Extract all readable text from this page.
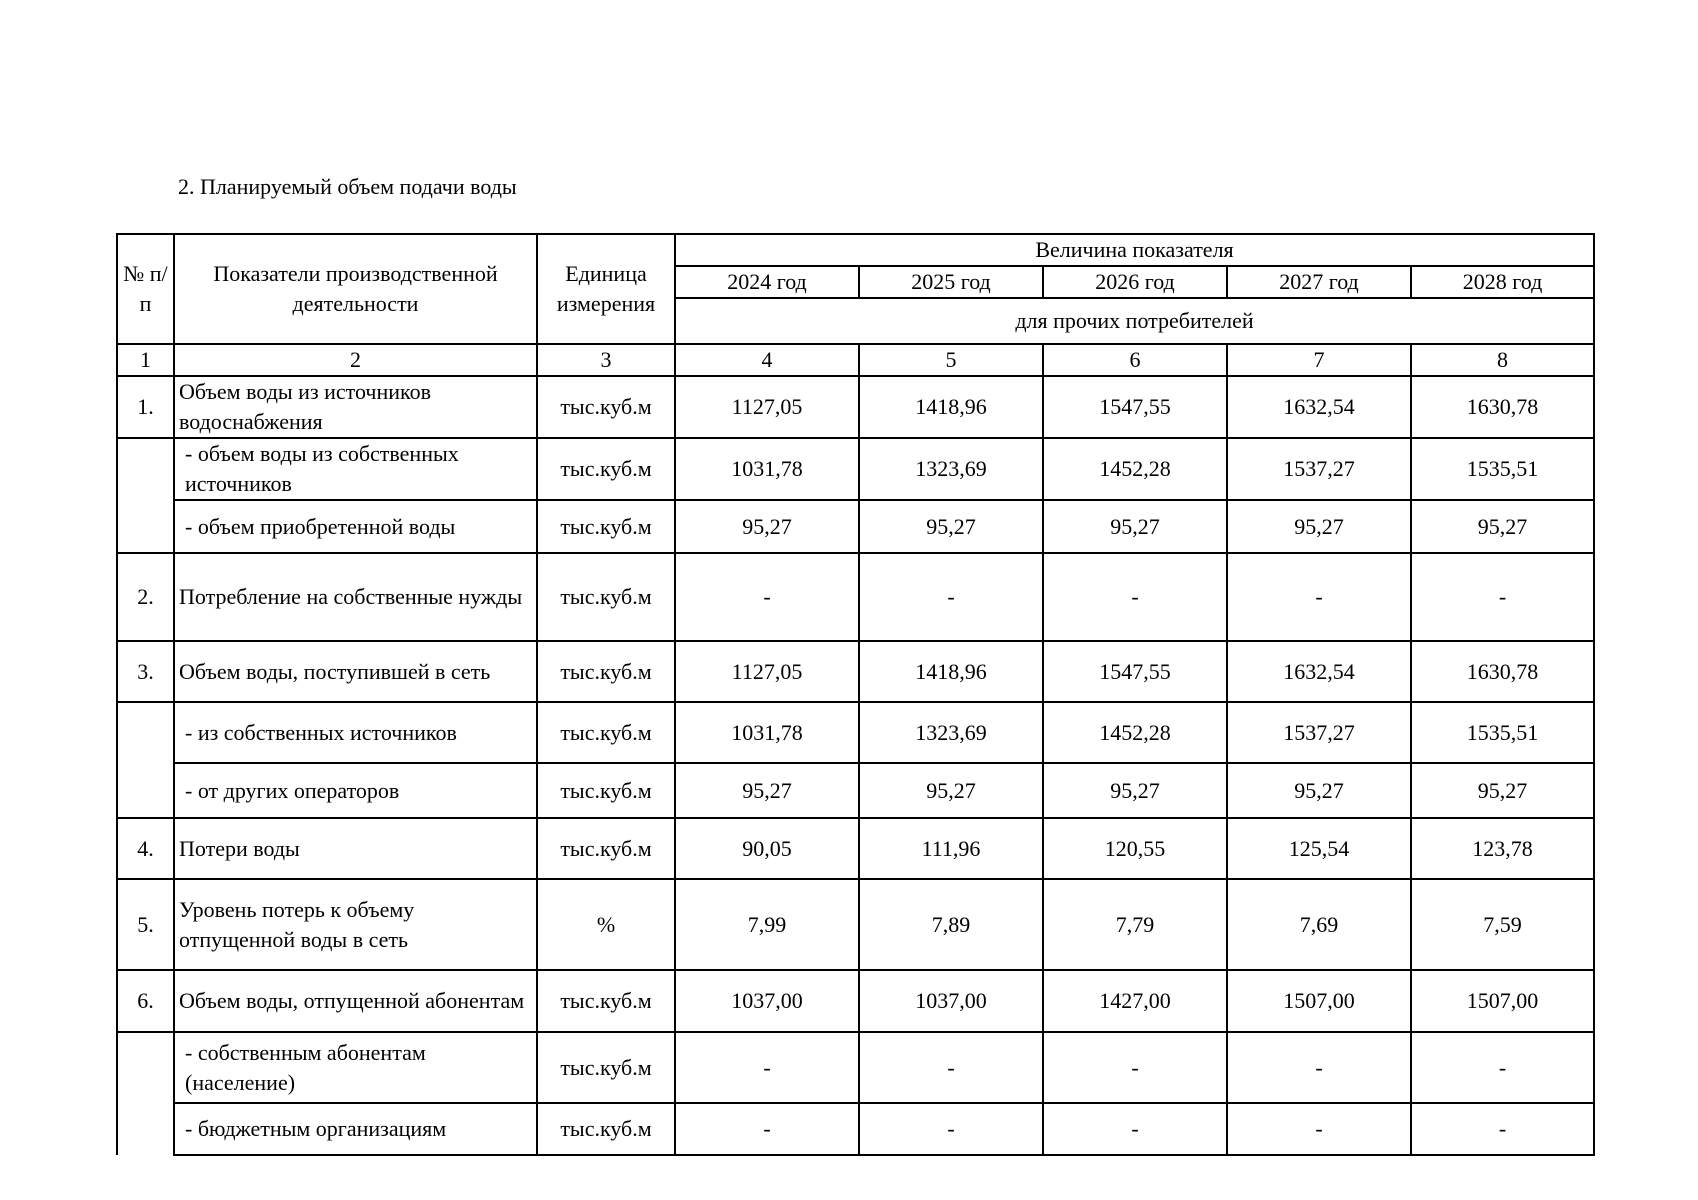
2. Планируемый объем подачи воды
№ п/п	Показатели производственной деятельности	Единица измерения	Величина показателя				
			2024 год	2025 год	2026 год	2027 год	2028 год
			для прочих потребителей				
1	2	3	4	5	6	7	8
1.	Объем воды из источников водоснабжения	тыс.куб.м	1127,05	1418,96	1547,55	1632,54	1630,78
	- объем воды из собственных источников	тыс.куб.м	1031,78	1323,69	1452,28	1537,27	1535,51
	- объем приобретенной воды	тыс.куб.м	95,27	95,27	95,27	95,27	95,27
2.	Потребление на собственные нужды	тыс.куб.м	-	-	-	-	-
3.	Объем воды, поступившей в сеть	тыс.куб.м	1127,05	1418,96	1547,55	1632,54	1630,78
	- из собственных источников	тыс.куб.м	1031,78	1323,69	1452,28	1537,27	1535,51
	- от других операторов	тыс.куб.м	95,27	95,27	95,27	95,27	95,27
4.	Потери воды	тыс.куб.м	90,05	111,96	120,55	125,54	123,78
5.	Уровень потерь к объему отпущенной воды в сеть	%	7,99	7,89	7,79	7,69	7,59
6.	Объем воды, отпущенной абонентам	тыс.куб.м	1037,00	1037,00	1427,00	1507,00	1507,00
	- собственным абонентам (население)	тыс.куб.м	-	-	-	-	-
	- бюджетным организациям	тыс.куб.м	-	-	-	-	-
